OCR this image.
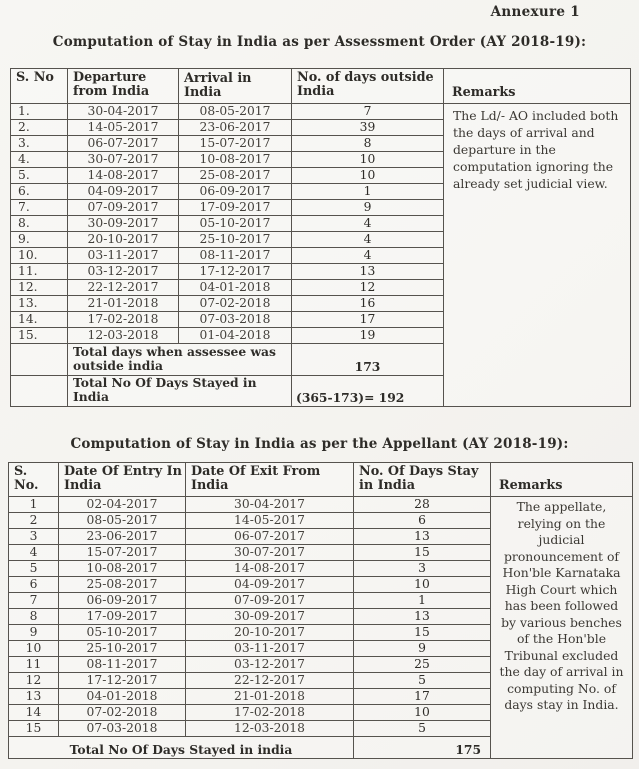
Annexure 1
Computation of Stay in India as per Assessment Order (AY 2018-19):
S. No	Departure from India	Arrival in India	No. of days outside India
1.	30-04-2017	08-05-2017	7
2.	14-05-2017	23-06-2017	39
3.	06-07-2017	15-07-2017	8
4.	30-07-2017	10-08-2017	10
5.	14-08-2017	25-08-2017	10
6.	04-09-2017	06-09-2017	1
7.	07-09-2017	17-09-2017	9
8.	30-09-2017	05-10-2017	4
9.	20-10-2017	25-10-2017	4
10.	03-11-2017	08-11-2017	4
11.	03-12-2017	17-12-2017	13
12.	22-12-2017	04-01-2018	12
13.	21-01-2018	07-02-2018	16
14.	17-02-2018	07-03-2018	17
15.	12-03-2018	01-04-2018	19
	Total days when assessee was outside india		173
	Total No Of Days Stayed in India		(365-173)= 192
Remarks
The Ld/- AO included both the days of arrival and departure in the computation ignoring the already set judicial view.
Computation of Stay in India as per the Appellant (AY 2018-19):
S. No.	Date Of Entry In India	Date Of Exit From India	No. Of Days Stay in India
1	02-04-2017	30-04-2017	28
2	08-05-2017	14-05-2017	6
3	23-06-2017	06-07-2017	13
4	15-07-2017	30-07-2017	15
5	10-08-2017	14-08-2017	3
6	25-08-2017	04-09-2017	10
7	06-09-2017	07-09-2017	1
8	17-09-2017	30-09-2017	13
9	05-10-2017	20-10-2017	15
10	25-10-2017	03-11-2017	9
11	08-11-2017	03-12-2017	25
12	17-12-2017	22-12-2017	5
13	04-01-2018	21-01-2018	17
14	07-02-2018	17-02-2018	10
15	07-03-2018	12-03-2018	5
Total No Of Days Stayed in india			175
Remarks
The appellate, relying on the judicial pronouncement of Hon'ble Karnataka High Court which has been followed by various benches of the Hon'ble Tribunal excluded the day of arrival in computing No. of days stay in India.
